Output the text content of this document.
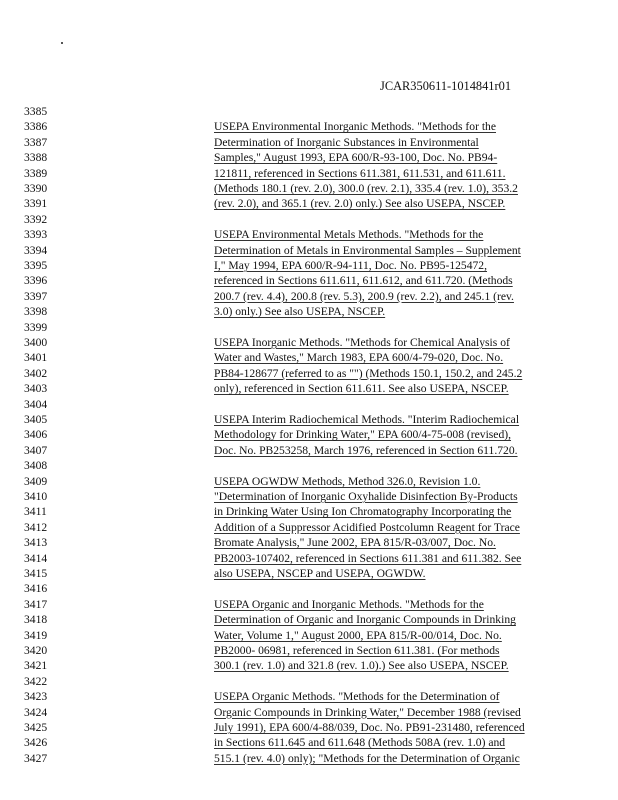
JCAR350611-1014841r01
3385
3386	USEPA Environmental Inorganic Methods. "Methods for the
3387	Determination of Inorganic Substances in Environmental
3388	Samples," August 1993, EPA 600/R-93-100, Doc. No. PB94-
3389	121811, referenced in Sections 611.381, 611.531, and 611.611.
3390	(Methods 180.1 (rev. 2.0), 300.0 (rev. 2.1), 335.4 (rev. 1.0), 353.2
3391	(rev. 2.0), and 365.1 (rev. 2.0) only.) See also USEPA, NSCEP.
3392
3393	USEPA Environmental Metals Methods. "Methods for the
3394	Determination of Metals in Environmental Samples – Supplement
3395	I," May 1994, EPA 600/R-94-111, Doc. No. PB95-125472,
3396	referenced in Sections 611.611, 611.612, and 611.720. (Methods
3397	200.7 (rev. 4.4), 200.8 (rev. 5.3), 200.9 (rev. 2.2), and 245.1 (rev.
3398	3.0) only.) See also USEPA, NSCEP.
3399
3400	USEPA Inorganic Methods. "Methods for Chemical Analysis of
3401	Water and Wastes," March 1983, EPA 600/4-79-020, Doc. No.
3402	PB84-128677 (referred to as "") (Methods 150.1, 150.2, and 245.2
3403	only), referenced in Section 611.611. See also USEPA, NSCEP.
3404
3405	USEPA Interim Radiochemical Methods. "Interim Radiochemical
3406	Methodology for Drinking Water," EPA 600/4-75-008 (revised),
3407	Doc. No. PB253258, March 1976, referenced in Section 611.720.
3408
3409	USEPA OGWDW Methods, Method 326.0, Revision 1.0.
3410	"Determination of Inorganic Oxyhalide Disinfection By-Products
3411	in Drinking Water Using Ion Chromatography Incorporating the
3412	Addition of a Suppressor Acidified Postcolumn Reagent for Trace
3413	Bromate Analysis," June 2002, EPA 815/R-03/007, Doc. No.
3414	PB2003-107402, referenced in Sections 611.381 and 611.382. See
3415	also USEPA, NSCEP and USEPA, OGWDW.
3416
3417	USEPA Organic and Inorganic Methods. "Methods for the
3418	Determination of Organic and Inorganic Compounds in Drinking
3419	Water, Volume 1," August 2000, EPA 815/R-00/014, Doc. No.
3420	PB2000- 06981, referenced in Section 611.381. (For methods
3421	300.1 (rev. 1.0) and 321.8 (rev. 1.0).) See also USEPA, NSCEP.
3422
3423	USEPA Organic Methods. "Methods for the Determination of
3424	Organic Compounds in Drinking Water," December 1988 (revised
3425	July 1991), EPA 600/4-88/039, Doc. No. PB91-231480, referenced
3426	in Sections 611.645 and 611.648 (Methods 508A (rev. 1.0) and
3427	515.1 (rev. 4.0) only); "Methods for the Determination of Organic
